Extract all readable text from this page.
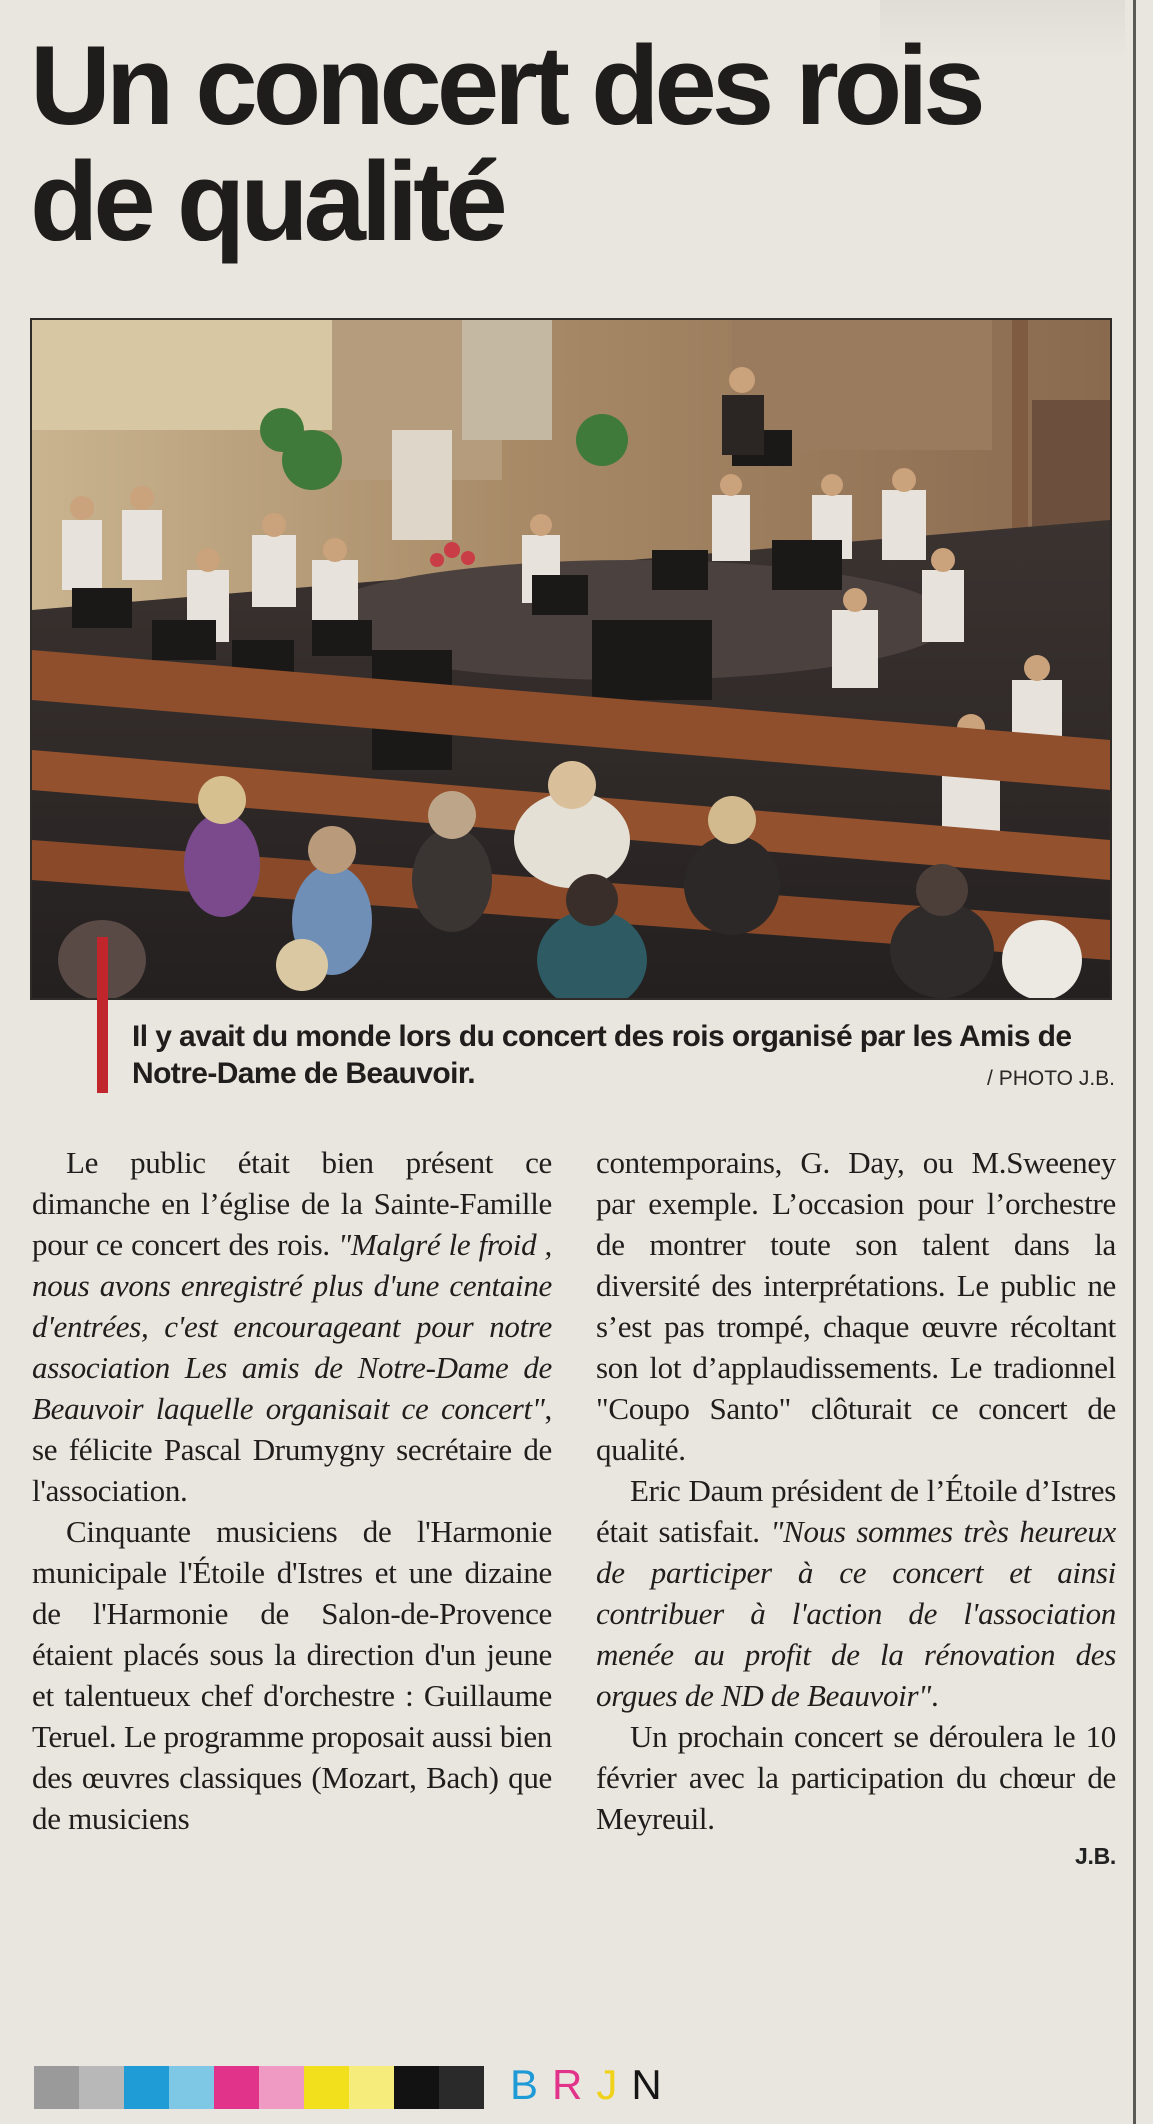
Un concert des rois de qualité
Il y avait du monde lors du concert des rois organisé par les Amis de Notre-Dame de Beauvoir.	/ PHOTO J.B.

Le public était bien présent ce dimanche en l’église de la Sainte-Famille pour ce concert des rois. "Malgré le froid , nous avons enregistré plus d'une centaine d'entrées, c'est encourageant pour notre association Les amis de Notre-Dame de Beauvoir laquelle organisait ce concert", se félicite Pascal Drumygny secrétaire de l'association.

Cinquante musiciens de l'Harmonie municipale l'Étoile d'Istres et une dizaine de l'Harmonie de Salon-de-Provence étaient placés sous la direction d'un jeune et talentueux chef d'orchestre : Guillaume Teruel. Le programme proposait aussi bien des œuvres classiques (Mozart, Bach) que de musiciens

contemporains, G. Day, ou M.Sweeney par exemple. L’occasion pour l’orchestre de montrer toute son talent dans la diversité des interprétations. Le public ne s’est pas trompé, chaque œuvre récoltant son lot d’applaudissements. Le tradionnel "Coupo Santo" clôturait ce concert de qualité.

Eric Daum président de l’Étoile d’Istres était satisfait. "Nous sommes très heureux de participer à ce concert et ainsi contribuer à l'action de l'association menée au profit de la rénovation des orgues de ND de Beauvoir".

Un prochain concert se déroulera le 10 février avec la participation du chœur de Meyreuil.

J.B.
BRJN
